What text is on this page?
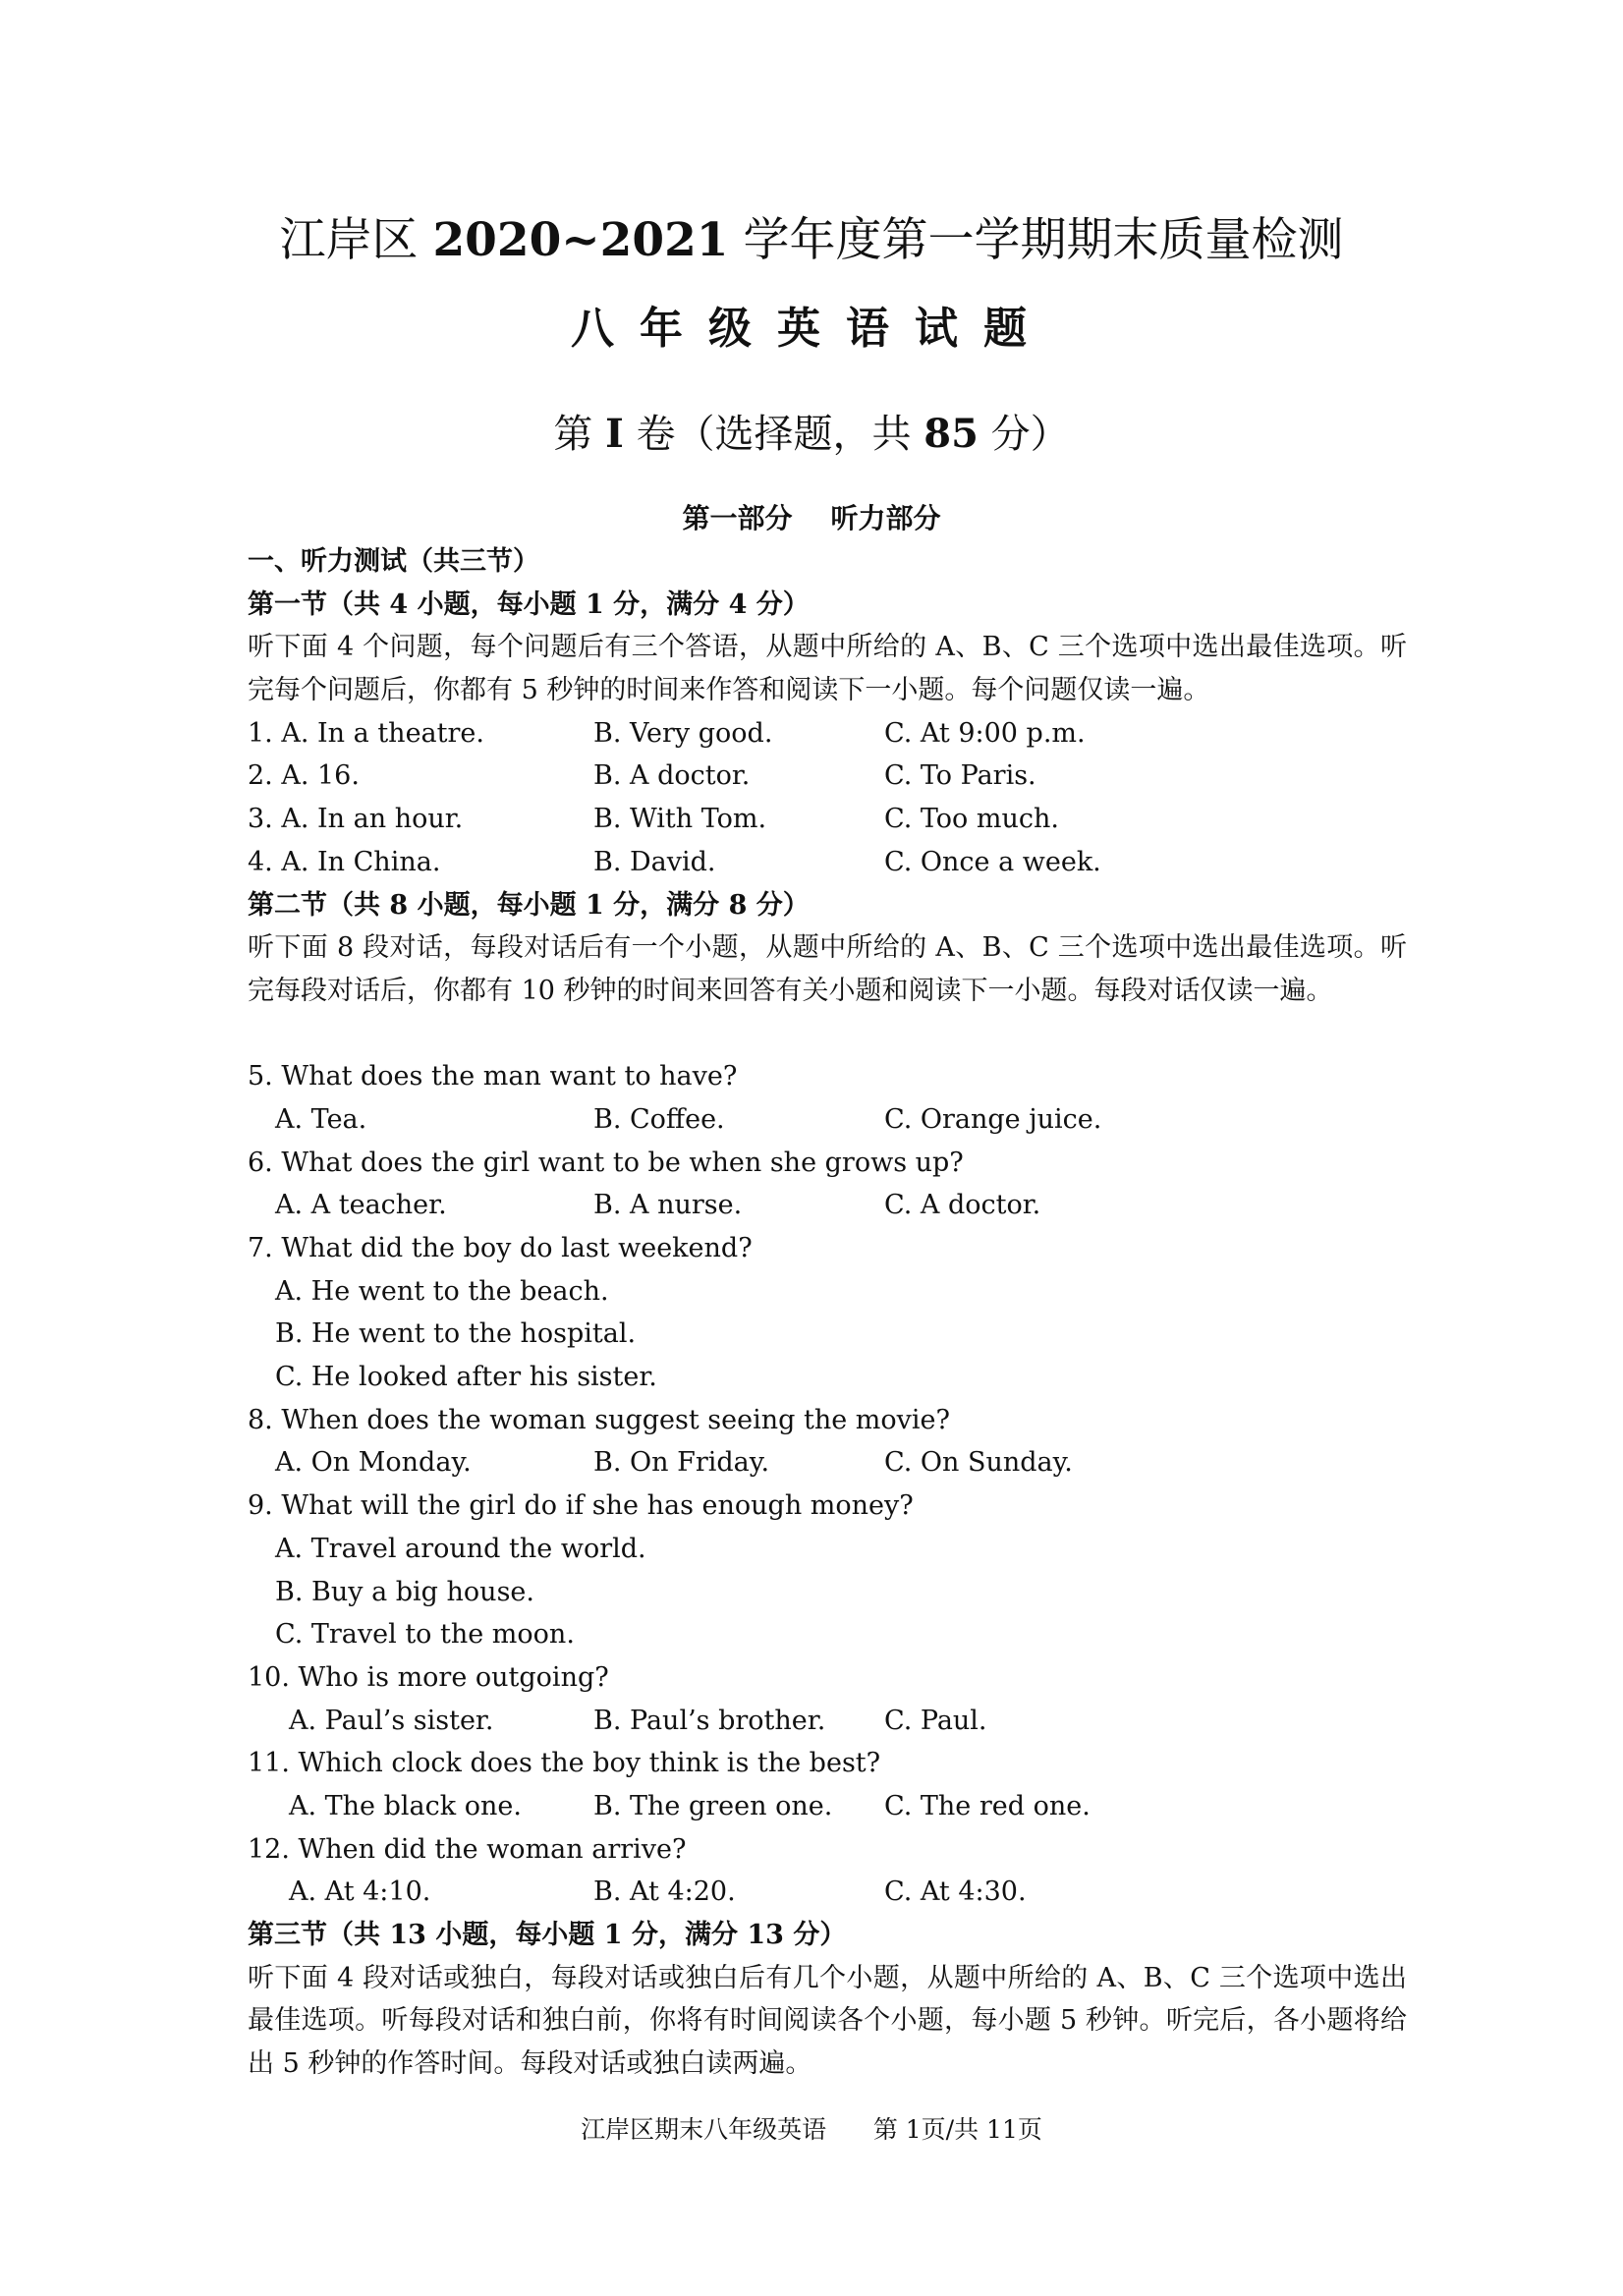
江岸区 2020~2021 学年度第一学期期末质量检测
八年级英语试题
第 I 卷（选择题，共 85 分）
第一部分    听力部分
一、听力测试（共三节）
第一节（共 4 小题，每小题 1 分，满分 4 分）
听下面 4 个问题，每个问题后有三个答语，从题中所给的 A、B、C 三个选项中选出最佳选项。听完每个问题后，你都有 5 秒钟的时间来作答和阅读下一小题。每个问题仅读一遍。
1. A. In a theatre.	B. Very good.	C. At 9:00 p.m.
2. A. 16.	B. A doctor.	C. To Paris.
3. A. In an hour.	B. With Tom.	C. Too much.
4. A. In China.	B. David.	C. Once a week.
第二节（共 8 小题，每小题 1 分，满分 8 分）
听下面 8 段对话，每段对话后有一个小题，从题中所给的 A、B、C 三个选项中选出最佳选项。听完每段对话后，你都有 10 秒钟的时间来回答有关小题和阅读下一小题。每段对话仅读一遍。
5. What does the man want to have?
A. Tea.	B. Coffee.	C. Orange juice.
6. What does the girl want to be when she grows up?
A. A teacher.	B. A nurse.	C. A doctor.
7. What did the boy do last weekend?
A. He went to the beach.
B. He went to the hospital.
C. He looked after his sister.
8. When does the woman suggest seeing the movie?
A. On Monday.	B. On Friday.	C. On Sunday.
9. What will the girl do if she has enough money?
A. Travel around the world.
B. Buy a big house.
C. Travel to the moon.
10. Who is more outgoing?
A. Paul’s sister.	B. Paul’s brother. C. Paul.
11. Which clock does the boy think is the best?
A. The black one.	B. The green one. C. The red one.
12. When did the woman arrive?
A. At 4:10.	B. At 4:20.	C. At 4:30.
第三节（共 13 小题，每小题 1 分，满分 13 分）
听下面 4 段对话或独白，每段对话或独白后有几个小题，从题中所给的 A、B、C 三个选项中选出最佳选项。听每段对话和独白前，你将有时间阅读各个小题，每小题 5 秒钟。听完后，各小题将给出 5 秒钟的作答时间。每段对话或独白读两遍。
江岸区期末八年级英语      第 1页/共 11页
